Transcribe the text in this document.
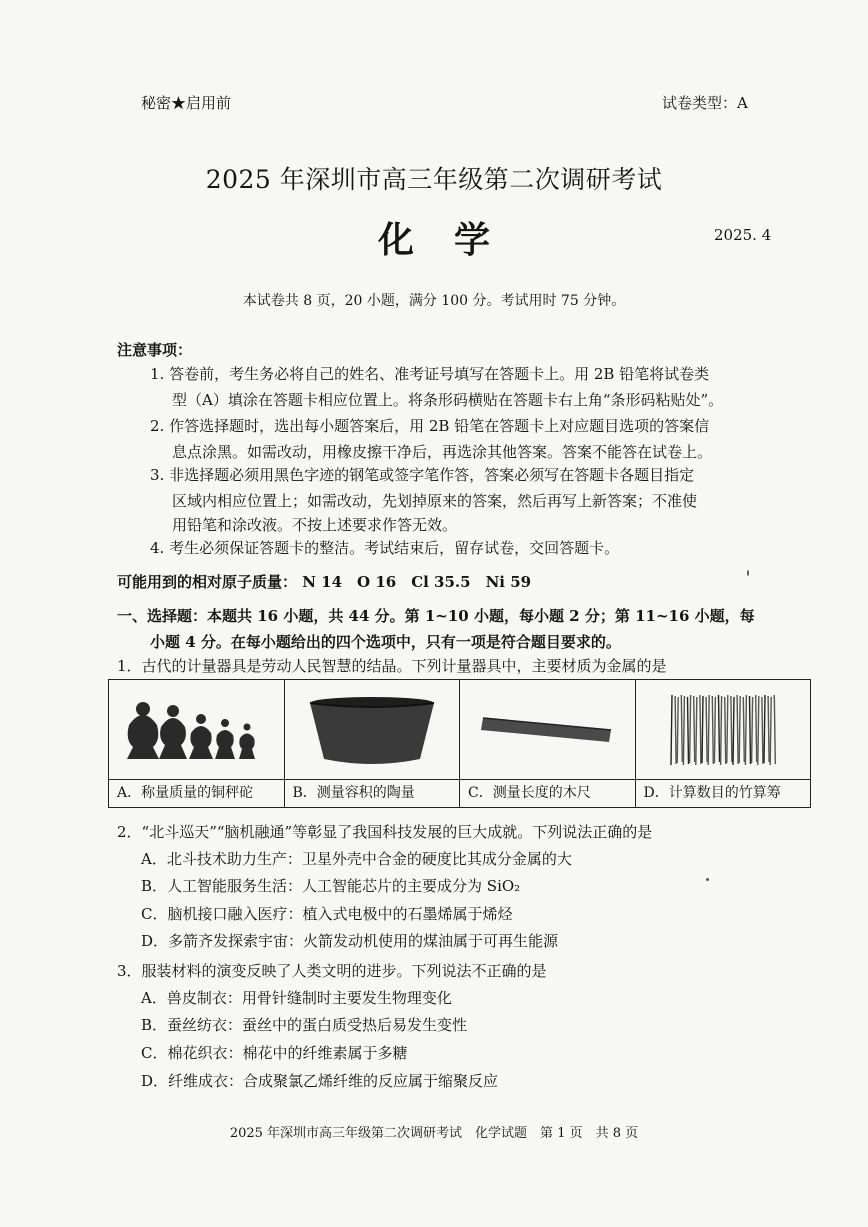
秘密★启用前	试卷类型：A
2025 年深圳市高三年级第二次调研考试
化学	2025. 4
本试卷共 8 页，20 小题，满分 100 分。考试用时 75 分钟。
注意事项：
1. 答卷前，考生务必将自己的姓名、准考证号填写在答题卡上。用 2B 铅笔将试卷类
型（A）填涂在答题卡相应位置上。将条形码横贴在答题卡右上角“条形码粘贴处”。
2. 作答选择题时，选出每小题答案后，用 2B 铅笔在答题卡上对应题目选项的答案信
息点涂黑。如需改动，用橡皮擦干净后，再选涂其他答案。答案不能答在试卷上。
3. 非选择题必须用黑色字迹的钢笔或签字笔作答，答案必须写在答题卡各题目指定
区域内相应位置上；如需改动，先划掉原来的答案，然后再写上新答案；不准使
用铅笔和涂改液。不按上述要求作答无效。
4. 考生必须保证答题卡的整洁。考试结束后，留存试卷，交回答题卡。
可能用到的相对原子质量： N 14　O 16　Cl 35.5　Ni 59
一、选择题：本题共 16 小题，共 44 分。第 1~10 小题，每小题 2 分；第 11~16 小题，每
小题 4 分。在每小题给出的四个选项中，只有一项是符合题目要求的。
1．古代的计量器具是劳动人民智慧的结晶。下列计量器具中，主要材质为金属的是
A．称量质量的铜秤砣	B．测量容积的陶量	C．测量长度的木尺	D．计算数目的竹算筹
2．“北斗巡天”“脑机融通”等彰显了我国科技发展的巨大成就。下列说法正确的是
A．北斗技术助力生产：卫星外壳中合金的硬度比其成分金属的大
B．人工智能服务生活：人工智能芯片的主要成分为 SiO₂
C．脑机接口融入医疗：植入式电极中的石墨烯属于烯烃
D．多箭齐发探索宇宙：火箭发动机使用的煤油属于可再生能源
3．服装材料的演变反映了人类文明的进步。下列说法不正确的是
A．兽皮制衣：用骨针缝制时主要发生物理变化
B．蚕丝纺衣：蚕丝中的蛋白质受热后易发生变性
C．棉花织衣：棉花中的纤维素属于多糖
D．纤维成衣：合成聚氯乙烯纤维的反应属于缩聚反应
2025 年深圳市高三年级第二次调研考试　化学试题　第 1 页　共 8 页
